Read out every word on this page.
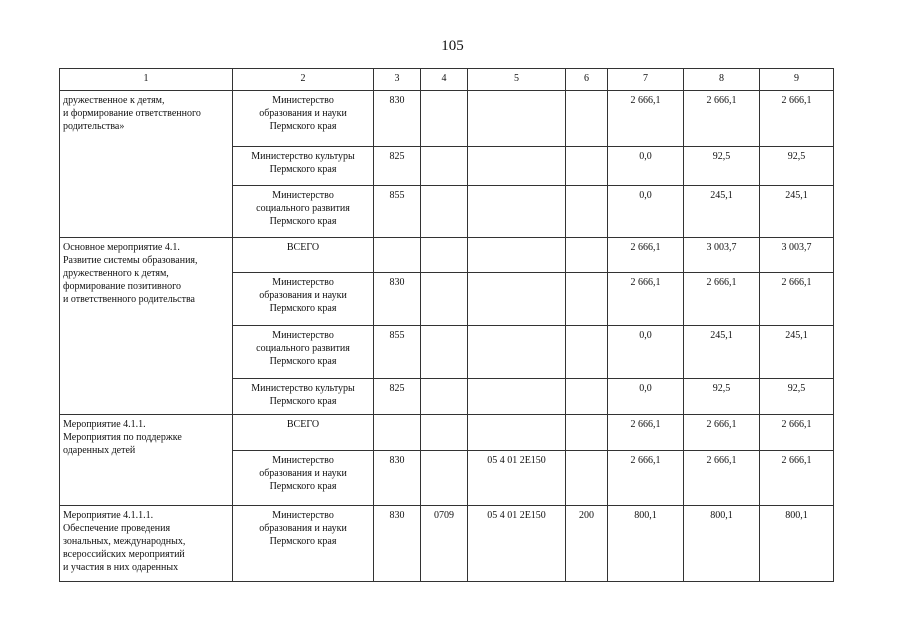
105
1	2	3	4	5	6	7	8	9
дружественное к детям,
и формирование ответственного родительства»	Министерство
образования и науки
Пермского края	830				2 666,1	2 666,1	2 666,1
	Министерство культуры
Пермского края	825				0,0	92,5	92,5
	Министерство
социального развития
Пермского края	855				0,0	245,1	245,1
Основное мероприятие 4.1.
Развитие системы образования,
дружественного к детям,
формирование позитивного
и ответственного родительства	ВСЕГО					2 666,1	3 003,7	3 003,7
	Министерство
образования и науки
Пермского края	830				2 666,1	2 666,1	2 666,1
	Министерство
социального развития
Пермского края	855				0,0	245,1	245,1
	Министерство культуры
Пермского края	825				0,0	92,5	92,5
Мероприятие 4.1.1.
Мероприятия по поддержке
одаренных детей	ВСЕГО					2 666,1	2 666,1	2 666,1
	Министерство
образования и науки
Пермского края	830		05 4 01 2Е150		2 666,1	2 666,1	2 666,1
Мероприятие 4.1.1.1.
Обеспечение проведения
зональных, международных,
всероссийских мероприятий
и участия в них одаренных	Министерство
образования и науки
Пермского края	830	0709	05 4 01 2Е150	200	800,1	800,1	800,1
